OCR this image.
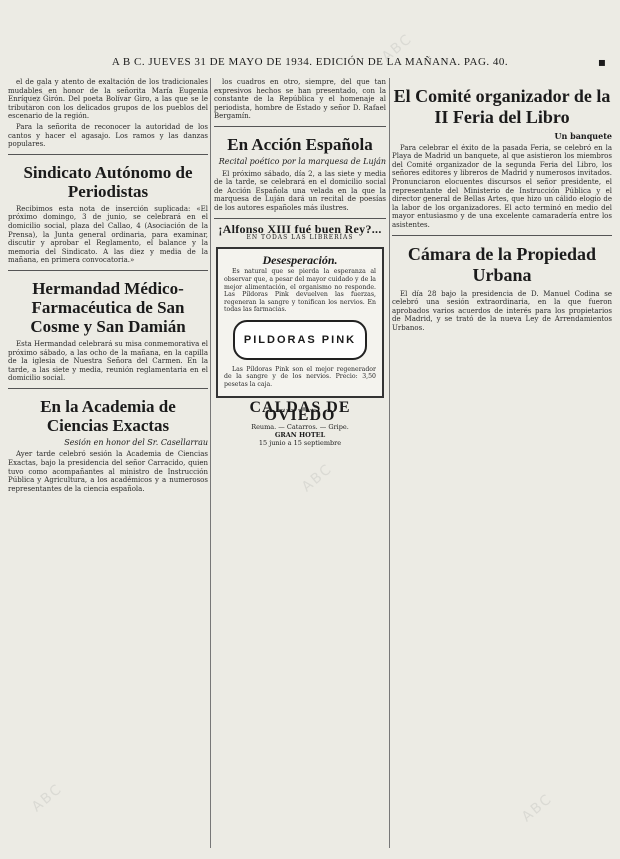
A B C. JUEVES 31 DE MAYO DE 1934. EDICIÓN DE LA MAÑANA. PAG. 40.	▪

el de gala y atento de exaltación de los tradicionales mudables en honor de la señorita María Eugenia Enríquez Girón. Del poeta Bolívar Giro, a las que se le tributaron con los delicados grupos de los pueblos del escenario de la región.

Para la señorita de reconocer la autoridad de los cantos y hacer el agasajo. Los ramos y las danzas populares.

Sindicato Autónomo de Periodistas

Recibimos esta nota de inserción suplicada: «El próximo domingo, 3 de junio, se celebrará en el domicilio social, plaza del Callao, 4 (Asociación de la Prensa), la Junta general ordinaria, para examinar, discutir y aprobar el Reglamento, el balance y la memoria del Sindicato. A las diez y media de la mañana, en primera convocatoria.»

Hermandad Médico-Farmacéutica de San Cosme y San Damián

Esta Hermandad celebrará su misa conmemorativa el próximo sábado, a las ocho de la mañana, en la capilla de la iglesia de Nuestra Señora del Carmen. En la tarde, a las siete y media, reunión reglamentaria en el domicilio social.

En la Academia de Ciencias Exactas
Sesión en honor del Sr. Casellarrau

Ayer tarde celebró sesión la Academia de Ciencias Exactas, bajo la presidencia del señor Carracido, quien tuvo como acompañantes al ministro de Instrucción Pública y Agricultura, a los académicos y a numerosos representantes de la ciencia española.

los cuadros en otro, siempre, del que tan expresivos hechos se han presentado, con la constante de la República y el homenaje al periodista, hombre de Estado y señor D. Rafael Bergamín.

En Acción Española
Recital poético por la marquesa de Luján

El próximo sábado, día 2, a las siete y media de la tarde, se celebrará en el domicilio social de Acción Española una velada en la que la marquesa de Luján dará un recital de poesías de los autores españoles más ilustres.

¡Alfonso XIII fué buen Rey?...
EN TODAS LAS LIBRERÍAS
Desesperación.

Es natural que se pierda la esperanza al observar que, a pesar del mayor cuidado y de la mejor alimentación, el organismo no responde. Las Píldoras Pink devuelven las fuerzas, regeneran la sangre y tonifican los nervios. En todas las farmacias.

PILDORAS PINK

Las Píldoras Pink son el mejor regenerador de la sangre y de los nervios. Precio: 3,50 pesetas la caja.

CALDAS DE OVIEDO
Reuma. — Catarros. — Gripe.
GRAN HOTEL
15 junio a 15 septiembre
El Comité organizador de la II Feria del Libro
Un banquete

Para celebrar el éxito de la pasada Feria, se celebró en la Playa de Madrid un banquete, al que asistieron los miembros del Comité organizador de la segunda Feria del Libro, los señores editores y libreros de Madrid y numerosos invitados. Pronunciaron elocuentes discursos el señor presidente, el representante del Ministerio de Instrucción Pública y el director general de Bellas Artes, que hizo un cálido elogio de la labor de los organizadores. El acto terminó en medio del mayor entusiasmo y de una excelente camaradería entre los asistentes.

Cámara de la Propiedad Urbana

El día 28 bajo la presidencia de D. Manuel Codina se celebró una sesión extraordinaria, en la que fueron aprobados varios acuerdos de interés para los propietarios de Madrid, y se trató de la nueva Ley de Arrendamientos Urbanos.

ABC
ABC
ABC
ABC	ABC
